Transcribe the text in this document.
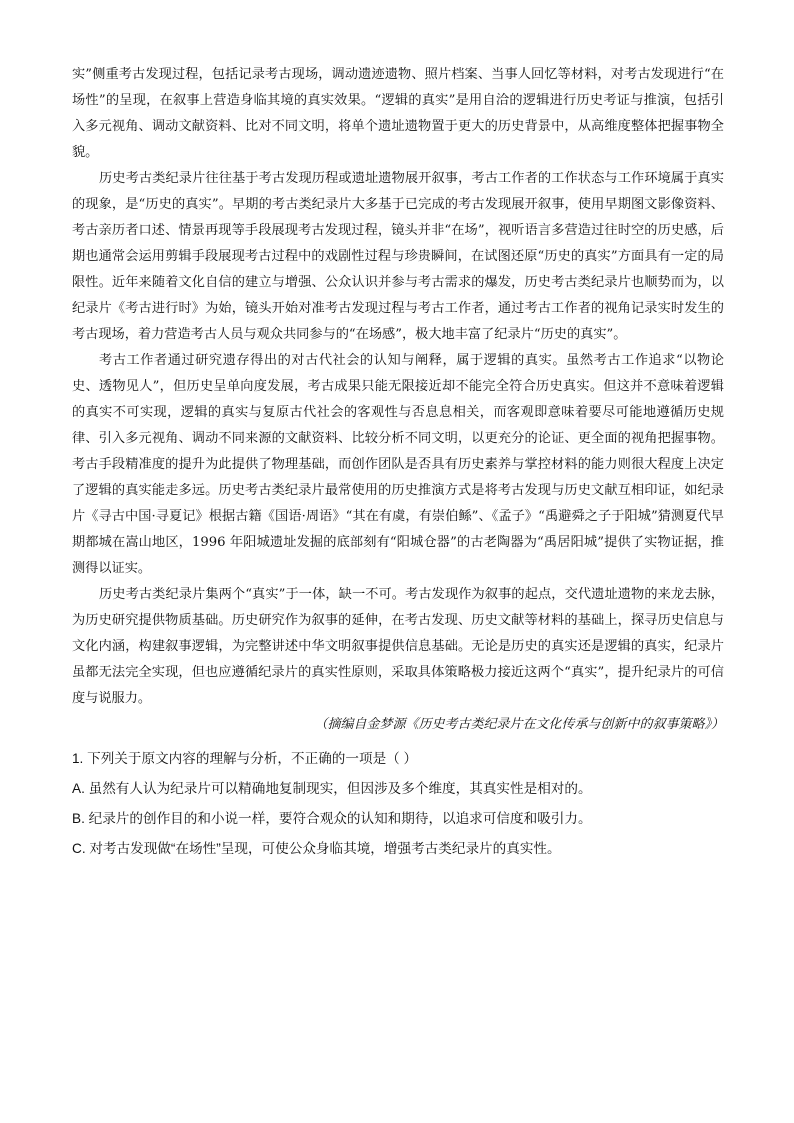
实”侧重考古发现过程，包括记录考古现场，调动遗迹遗物、照片档案、当事人回忆等材料，对考古发现进行“在场性”的呈现，在叙事上营造身临其境的真实效果。“逻辑的真实”是用自洽的逻辑进行历史考证与推演，包括引入多元视角、调动文献资料、比对不同文明，将单个遗址遗物置于更大的历史背景中，从高维度整体把握事物全貌。

历史考古类纪录片往往基于考古发现历程或遗址遗物展开叙事，考古工作者的工作状态与工作环境属于真实的现象，是“历史的真实”。早期的考古类纪录片大多基于已完成的考古发现展开叙事，使用早期图文影像资料、考古亲历者口述、情景再现等手段展现考古发现过程，镜头并非“在场”，视听语言多营造过往时空的历史感，后期也通常会运用剪辑手段展现考古过程中的戏剧性过程与珍贵瞬间，在试图还原“历史的真实”方面具有一定的局限性。近年来随着文化自信的建立与增强、公众认识并参与考古需求的爆发，历史考古类纪录片也顺势而为，以纪录片《考古进行时》为始，镜头开始对准考古发现过程与考古工作者，通过考古工作者的视角记录实时发生的考古现场，着力营造考古人员与观众共同参与的“在场感”，极大地丰富了纪录片“历史的真实”。

考古工作者通过研究遗存得出的对古代社会的认知与阐释，属于逻辑的真实。虽然考古工作追求“以物论史、透物见人”，但历史呈单向度发展，考古成果只能无限接近却不能完全符合历史真实。但这并不意味着逻辑的真实不可实现，逻辑的真实与复原古代社会的客观性与否息息相关，而客观即意味着要尽可能地遵循历史规律、引入多元视角、调动不同来源的文献资料、比较分析不同文明，以更充分的论证、更全面的视角把握事物。考古手段精准度的提升为此提供了物理基础，而创作团队是否具有历史素养与掌控材料的能力则很大程度上决定了逻辑的真实能走多远。历史考古类纪录片最常使用的历史推演方式是将考古发现与历史文献互相印证，如纪录片《寻古中国·寻夏记》根据古籍《国语·周语》“其在有虞，有崇伯鲧”、《孟子》“禹避舜之子于阳城”猜测夏代早期都城在嵩山地区，1996 年阳城遗址发掘的底部刻有“阳城仓器”的古老陶器为“禹居阳城”提供了实物证据，推测得以证实。

历史考古类纪录片集两个“真实”于一体，缺一不可。考古发现作为叙事的起点，交代遗址遗物的来龙去脉，为历史研究提供物质基础。历史研究作为叙事的延伸，在考古发现、历史文献等材料的基础上，探寻历史信息与文化内涵，构建叙事逻辑，为完整讲述中华文明叙事提供信息基础。无论是历史的真实还是逻辑的真实，纪录片虽都无法完全实现，但也应遵循纪录片的真实性原则，采取具体策略极力接近这两个“真实”，提升纪录片的可信度与说服力。

（摘编自金梦源《历史考古类纪录片在文化传承与创新中的叙事策略》）

1. 下列关于原文内容的理解与分析，不正确的一项是（ ）

A. 虽然有人认为纪录片可以精确地复制现实，但因涉及多个维度，其真实性是相对的。

B. 纪录片的创作目的和小说一样，要符合观众的认知和期待，以追求可信度和吸引力。

C. 对考古发现做“在场性”呈现，可使公众身临其境，增强考古类纪录片的真实性。
